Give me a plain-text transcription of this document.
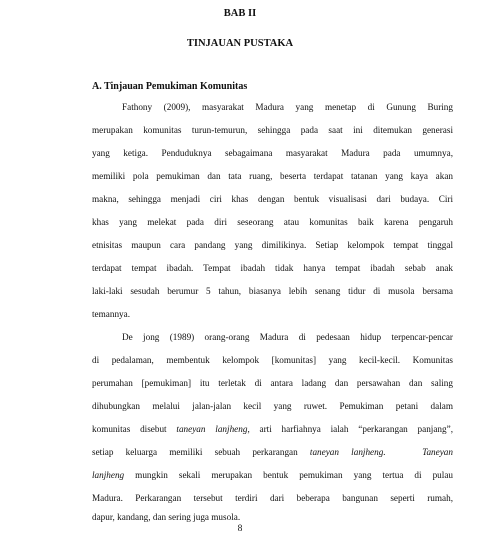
BAB II
TINJAUAN PUSTAKA
A. Tinjauan Pemukiman Komunitas
Fathony (2009), masyarakat Madura yang menetap di Gunung Buring
merupakan komunitas turun-temurun, sehingga pada saat ini ditemukan generasi
yang ketiga. Penduduknya sebagaimana masyarakat Madura pada umumnya,
memiliki pola pemukiman dan tata ruang, beserta terdapat tatanan yang kaya akan
makna, sehingga menjadi ciri khas dengan bentuk visualisasi dari budaya. Ciri
khas yang melekat pada diri seseorang atau komunitas baik karena pengaruh
etnisitas maupun cara pandang yang dimilikinya. Setiap kelompok tempat tinggal
terdapat tempat ibadah. Tempat ibadah tidak hanya tempat ibadah sebab anak
laki-laki sesudah berumur 5 tahun, biasanya lebih senang tidur di musola bersama
temannya.
De jong (1989) orang-orang Madura di pedesaan hidup terpencar-pencar
di pedalaman, membentuk kelompok [komunitas] yang kecil-kecil. Komunitas
perumahan [pemukiman] itu terletak di antara ladang dan persawahan dan saling
dihubungkan melalui jalan-jalan kecil yang ruwet. Pemukiman petani dalam
komunitas disebut taneyan lanjheng, arti harfiahnya ialah “perkarangan panjang”,
setiap keluarga memiliki sebuah perkarangan taneyan lanjheng.	Taneyan
lanjheng mungkin sekali merupakan bentuk pemukiman yang tertua di pulau
Madura. Perkarangan tersebut terdiri dari beberapa bangunan seperti rumah,
dapur, kandang, dan sering juga musola.
8
